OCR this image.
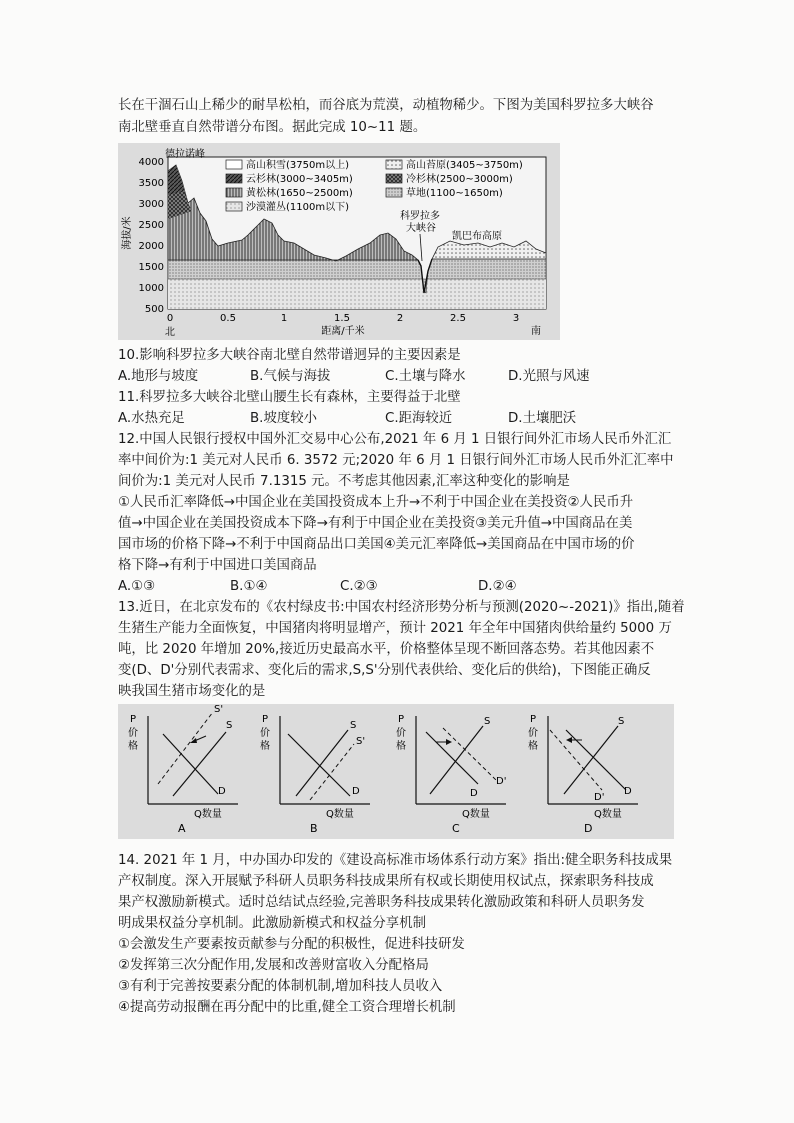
长在干涸石山上稀少的耐旱松柏，而谷底为荒漠，动植物稀少。下图为美国科罗拉多大峡谷
南北壁垂直自然带谱分布图。据此完成 10~11 题。
高山积雪(3750m以上)	高山苔原(3405~3750m)
云杉林(3000~3405m)	冷杉林(2500~3000m)
黄松林(1650~2500m)	草地(1100~1650m)
沙漠灌丛(1100m以下)
4000
3500
3000
2500
2000
1500
1000
500
海拔/米
0	0.5	1	1.5	2	2.5	3
北	距离/千米	南
德拉诺峰
科罗拉多
大峡谷
凯巴布高原
10.影响科罗拉多大峡谷南北壁自然带谱迥异的主要因素是
A.地形与坡度	B.气候与海拔	C.土壤与降水	D.光照与风速
11.科罗拉多大峡谷北壁山腰生长有森林，主要得益于北壁
A.水热充足	B.坡度较小	C.距海较近	D.土壤肥沃
12.中国人民银行授权中国外汇交易中心公布,2021 年 6 月 1 日银行间外汇市场人民币外汇汇
率中间价为:1 美元对人民币 6. 3572 元;2020 年 6 月 1 日银行间外汇市场人民币外汇汇率中
间价为:1 美元对人民币 7.1315 元。不考虑其他因素,汇率这种变化的影响是
①人民币汇率降低→中国企业在美国投资成本上升→不利于中国企业在美投资②人民币升
值→中国企业在美国投资成本下降→有利于中国企业在美投资③美元升值→中国商品在美
国市场的价格下降→不利于中国商品出口美国④美元汇率降低→美国商品在中国市场的价
格下降→有利于中国进口美国商品
A.①③	B.①④	C.②③	D.②④
13.近日，在北京发布的《农村绿皮书:中国农村经济形势分析与预测(2020~-2021)》指出,随着
生猪生产能力全面恢复，中国猪肉将明显增产，预计 2021 年全年中国猪肉供给量约 5000 万
吨，比 2020 年增加 20%,接近历史最高水平，价格整体呈现不断回落态势。若其他因素不
变(D、D'分别代表需求、变化后的需求,S,S'分别代表供给、变化后的供给)，下图能正确反
映我国生猪市场变化的是
P
价
格
Q数量
S'
S
D
A
P
价
格
Q数量
S
S'
D
B
P
价
格
Q数量
S
D
D'
C
P
价
格
Q数量
S
D'
D
D
14. 2021 年 1 月，中办国办印发的《建设高标准市场体系行动方案》指出:健全职务科技成果
产权制度。深入开展赋予科研人员职务科技成果所有权或长期使用权试点，探索职务科技成
果产权激励新模式。适时总结试点经验,完善职务科技成果转化激励政策和科研人员职务发
明成果权益分享机制。此激励新模式和权益分享机制
①会激发生产要素按贡献参与分配的积极性，促进科技研发
②发挥第三次分配作用,发展和改善财富收入分配格局
③有利于完善按要素分配的体制机制,增加科技人员收入
④提高劳动报酬在再分配中的比重,健全工资合理增长机制
